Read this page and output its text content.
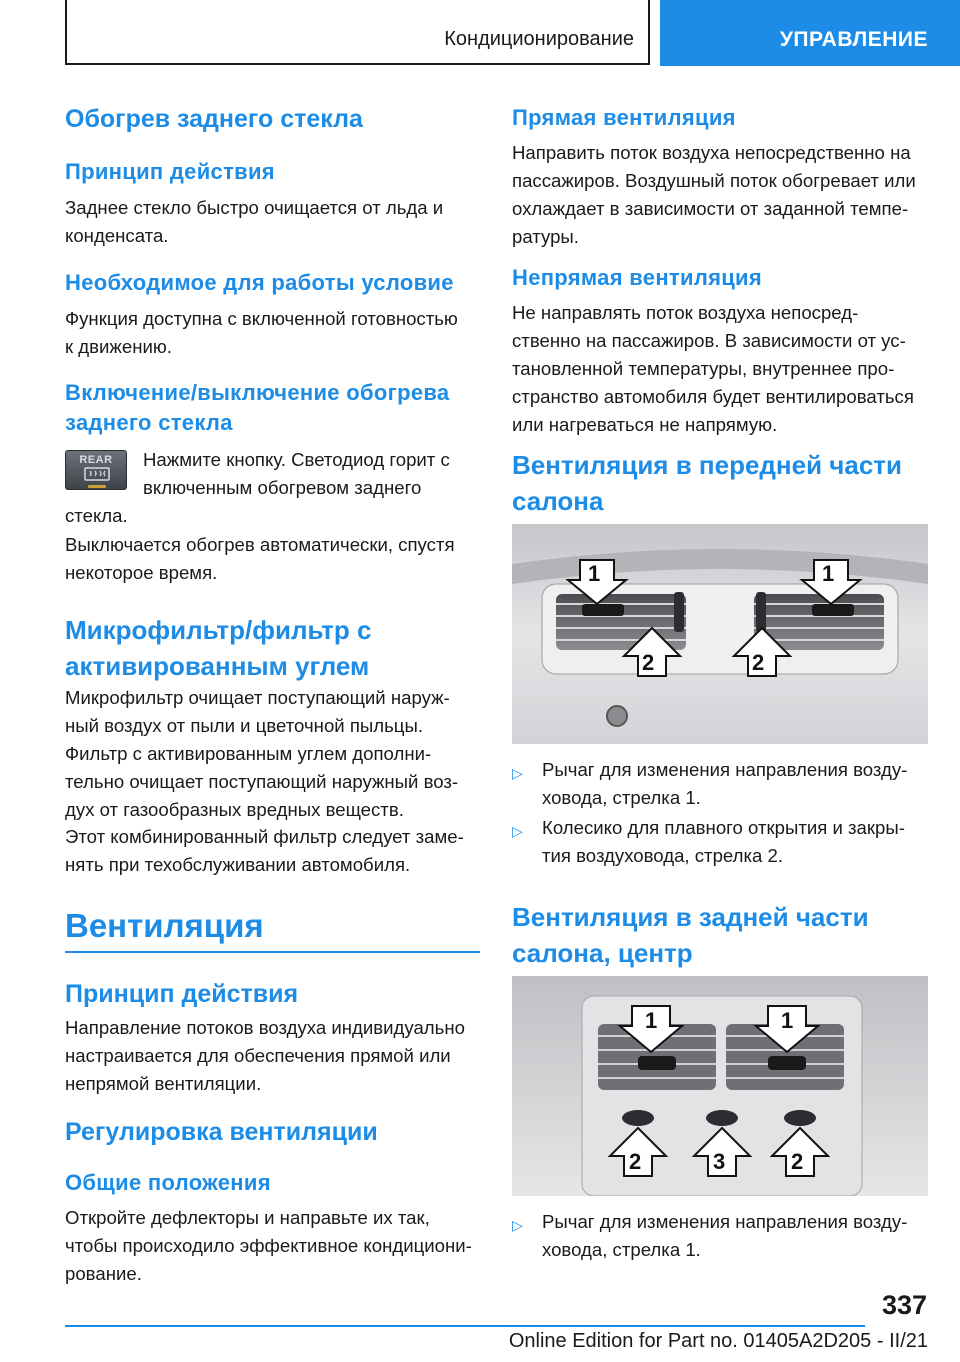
Кондиционирование	УПРАВЛЕНИЕ
Обогрев заднего стекла
Принцип действия
Заднее стекло быстро очищается от льда и
конденсата.
Необходимое для работы условие
Функция доступна с включенной готовностью
к движению.
Включение/выключение обогрева
заднего стекла
REAR	Нажмите кнопку. Светодиод горит с
включенным обогревом заднего
стекла.
Выключается обогрев автоматически, спустя
некоторое время.
Микрофильтр/фильтр с
активированным углем
Микрофильтр очищает поступающий наруж-
ный воздух от пыли и цветочной пыльцы.
Фильтр с активированным углем дополни-
тельно очищает поступающий наружный воз-
дух от газообразных вредных веществ.
Этот комбинированный фильтр следует заме-
нять при техобслуживании автомобиля.
Вентиляция
Принцип действия
Направление потоков воздуха индивидуально
настраивается для обеспечения прямой или
непрямой вентиляции.
Регулировка вентиляции
Общие положения
Откройте дефлекторы и направьте их так,
чтобы происходило эффективное кондициони-
рование.
Прямая вентиляция
Направить поток воздуха непосредственно на
пассажиров. Воздушный поток обогревает или
охлаждает в зависимости от заданной темпе-
ратуры.
Непрямая вентиляция
Не направлять поток воздуха непосред-
ственно на пассажиров. В зависимости от ус-
тановленной температуры, внутреннее про-
странство автомобиля будет вентилироваться
или нагреваться не напрямую.
Вентиляция в передней части
салона
1	1
2	2
▷ Рычаг для изменения направления возду-
ховода, стрелка 1.
▷ Колесико для плавного открытия и закры-
тия воздуховода, стрелка 2.
Вентиляция в задней части
салона, центр
1	1
2	3	2
▷ Рычаг для изменения направления возду-
ховода, стрелка 1.
337
Online Edition for Part no. 01405A2D205 - II/21
